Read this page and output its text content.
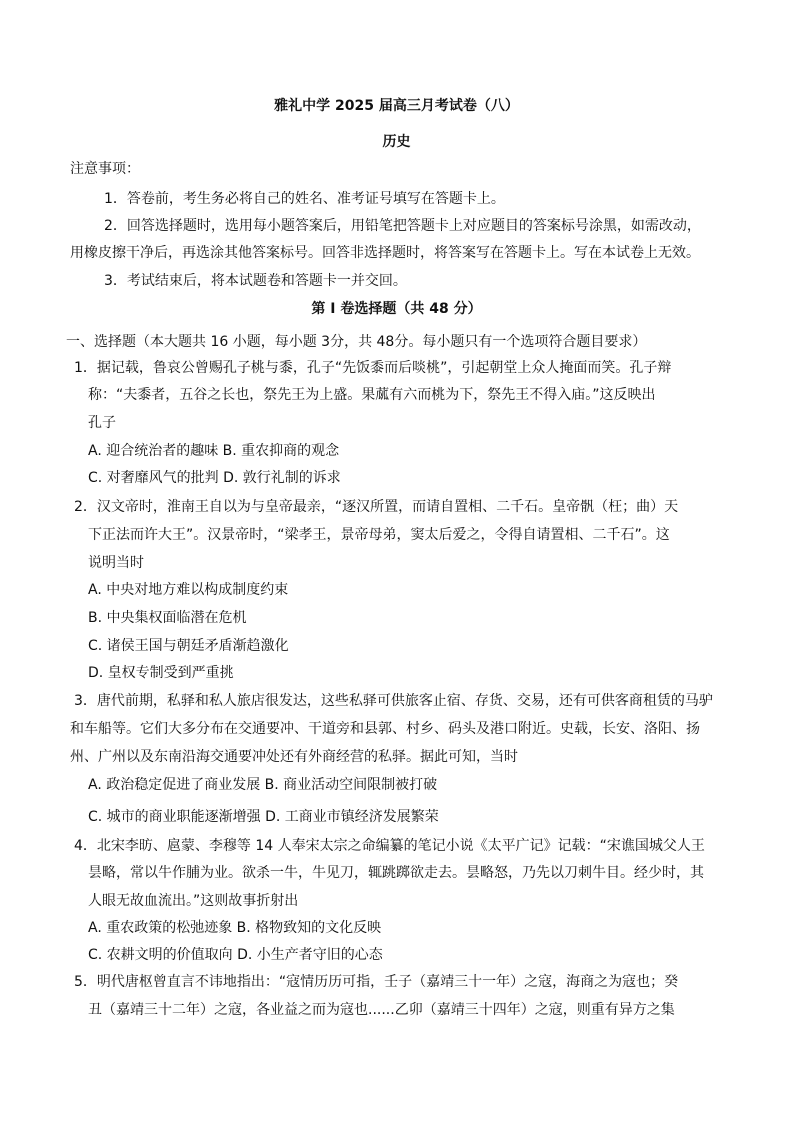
雅礼中学 2025 届高三月考试卷（八）
历史
注意事项：
1．答卷前，考生务必将自己的姓名、准考证号填写在答题卡上。
2．回答选择题时，选用每小题答案后，用铅笔把答题卡上对应题目的答案标号涂黑，如需改动，
用橡皮擦干净后，再选涂其他答案标号。回答非选择题时，将答案写在答题卡上。写在本试卷上无效。
3．考试结束后，将本试题卷和答题卡一并交回。
第 I 卷选择题（共 48 分）
一、选择题（本大题共 16 小题，每小题 3分，共 48分。每小题只有一个选项符合题目要求）
1．据记载，鲁哀公曾赐孔子桃与黍，孔子“先饭黍而后啖桃”，引起朝堂上众人掩面而笑。孔子辩
称：“夫黍者，五谷之长也，祭先王为上盛。果蓏有六而桃为下，祭先王不得入庙。”这反映出
孔子
A. 迎合统治者的趣味 B. 重农抑商的观念
C. 对奢靡风气的批判 D. 敦行礼制的诉求
2．汉文帝时，淮南王自以为与皇帝最亲，“逐汉所置，而请自置相、二千石。皇帝骪（枉；曲）天
下正法而许大王”。汉景帝时，“梁孝王，景帝母弟，窦太后爱之，令得自请置相、二千石”。这
说明当时
A. 中央对地方难以构成制度约束
B. 中央集权面临潜在危机
C. 诸侯王国与朝廷矛盾渐趋激化
D. 皇权专制受到严重挑
3．唐代前期，私驿和私人旅店很发达，这些私驿可供旅客止宿、存货、交易，还有可供客商租赁的马驴
和车船等。它们大多分布在交通要冲、干道旁和县郭、村乡、码头及港口附近。史载，长安、洛阳、扬
州、广州以及东南沿海交通要冲处还有外商经营的私驿。据此可知，当时
A. 政治稳定促进了商业发展 B. 商业活动空间限制被打破
C. 城市的商业职能逐渐增强 D. 工商业市镇经济发展繁荣
4．北宋李昉、扈蒙、李穆等 14 人奉宋太宗之命编纂的笔记小说《太平广记》记载：“宋谯国城父人王
昙略，常以牛作脯为业。欲杀一牛，牛见刀，辄跳踯欲走去。昙略怒，乃先以刀刺牛目。经少时，其
人眼无故血流出。”这则故事折射出
A. 重农政策的松弛迹象 B. 格物致知的文化反映
C. 农耕文明的价值取向 D. 小生产者守旧的心态
5．明代唐枢曾直言不讳地指出：“寇情历历可指，壬子（嘉靖三十一年）之寇，海商之为寇也；癸
丑（嘉靖三十二年）之寇，各业益之而为寇也......乙卯（嘉靖三十四年）之寇，则重有异方之集
